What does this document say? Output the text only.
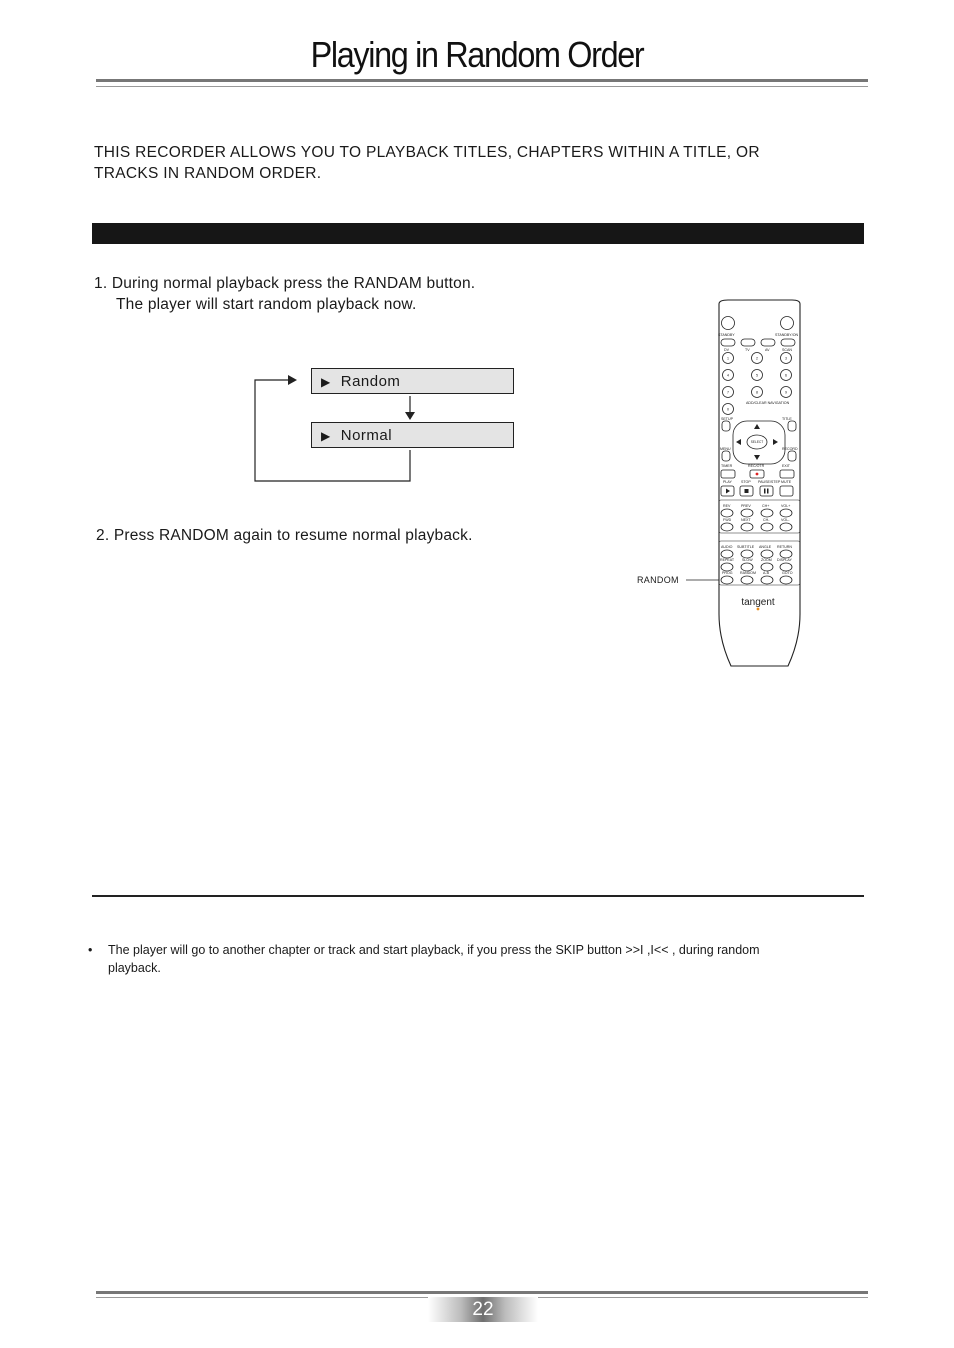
Playing in Random Order
THIS RECORDER ALLOWS YOU TO PLAYBACK TITLES, CHAPTERS WITHIN A TITLE, OR
TRACKS IN RANDOM ORDER.
1. During normal playback press the RANDAM button.
The player will start random playback now.
▶ Random
▶ Normal
2. Press RANDOM again to resume normal playback.
RANDOM
STANDBY	STANDBY/ON
DV	TV	AV	SCAN
1	2	3
4	5	6
7	8	9
0
ADD/CLEAR NAVIGATION
SETUP	TITLE
SELECT
MENU	RECORD
TIMER	REC/OTR	EXIT
PLAY	STOP PAUSE/STEP MUTE
REV	PREV	CH+	VOL+
FWD	NEXT	CH-	VOL-
AUDIO SUBTITLE ANGLE RETURN
REPEAT SLOW ZOOM DISPLAY
PROG RANDOM A-B	GOTO
tangent
•	The player will go to another chapter or track and start playback, if you press the SKIP button >>I ,I<< , during random playback.
22
